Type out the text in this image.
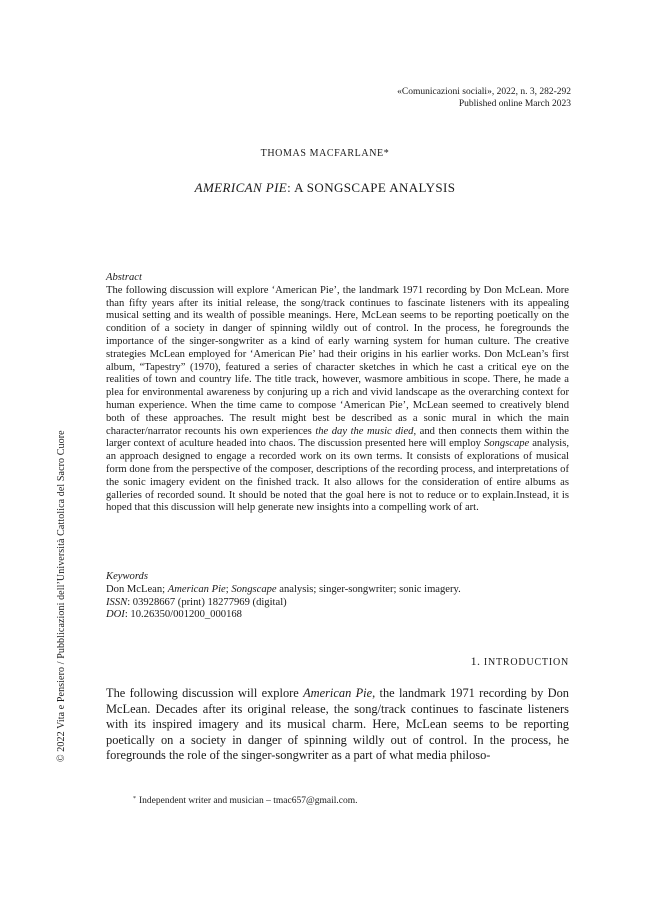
«Comunicazioni sociali», 2022, n. 3, 282-292
Published online March 2023
THOMAS MACFARLANE*
AMERICAN PIE: A SONGSCAPE ANALYSIS
Abstract

The following discussion will explore ‘American Pie’, the landmark 1971 recording by Don McLean. More than fifty years after its initial release, the song/track continues to fascinate listeners with its appealing musical setting and its wealth of possible meanings. Here, McLean seems to be reporting poetically on the condition of a society in danger of spinning wildly out of control. In the process, he foregrounds the importance of the singer-songwriter as a kind of early warning system for human culture. The creative strategies McLean employed for ‘American Pie’ had their origins in his earlier works. Don McLean’s first album, “Tapestry” (1970), featured a series of character sketches in which he cast a critical eye on the realities of town and country life. The title track, however, wasmore ambitious in scope. There, he made a plea for environmental awareness by conjuring up a rich and vivid landscape as the overarching context for human experience. When the time came to compose ‘American Pie’, McLean seemed to creatively blend both of these approaches. The result might best be described as a sonic mural in which the main character/narrator recounts his own experiences the day the music died, and then connects them within the larger context of aculture headed into chaos. The discussion presented here will employ Songscape analysis, an approach designed to engage a recorded work on its own terms. It consists of explorations of musical form done from the perspective of the composer, descriptions of the recording process, and interpretations of the sonic imagery evident on the finished track. It also allows for the consideration of entire albums as galleries of recorded sound. It should be noted that the goal here is not to reduce or to explain.Instead, it is hoped that this discussion will help generate new insights into a compelling work of art.

Keywords
Don McLean; American Pie; Songscape analysis; singer-songwriter; sonic imagery.
ISSN: 03928667 (print) 18277969 (digital)
DOI: 10.26350/001200_000168
1. INTRODUCTION

The following discussion will explore American Pie, the landmark 1971 recording by Don McLean. Decades after its original release, the song/track continues to fascinate listeners with its inspired imagery and its musical charm. Here, McLean seems to be reporting poetically on a society in danger of spinning wildly out of control. In the process, he foregrounds the role of the singer-songwriter as a part of what media philoso-

* Independent writer and musician – tmac657@gmail.com.
© 2022 Vita e Pensiero / Pubblicazioni dell’Università Cattolica del Sacro Cuore
